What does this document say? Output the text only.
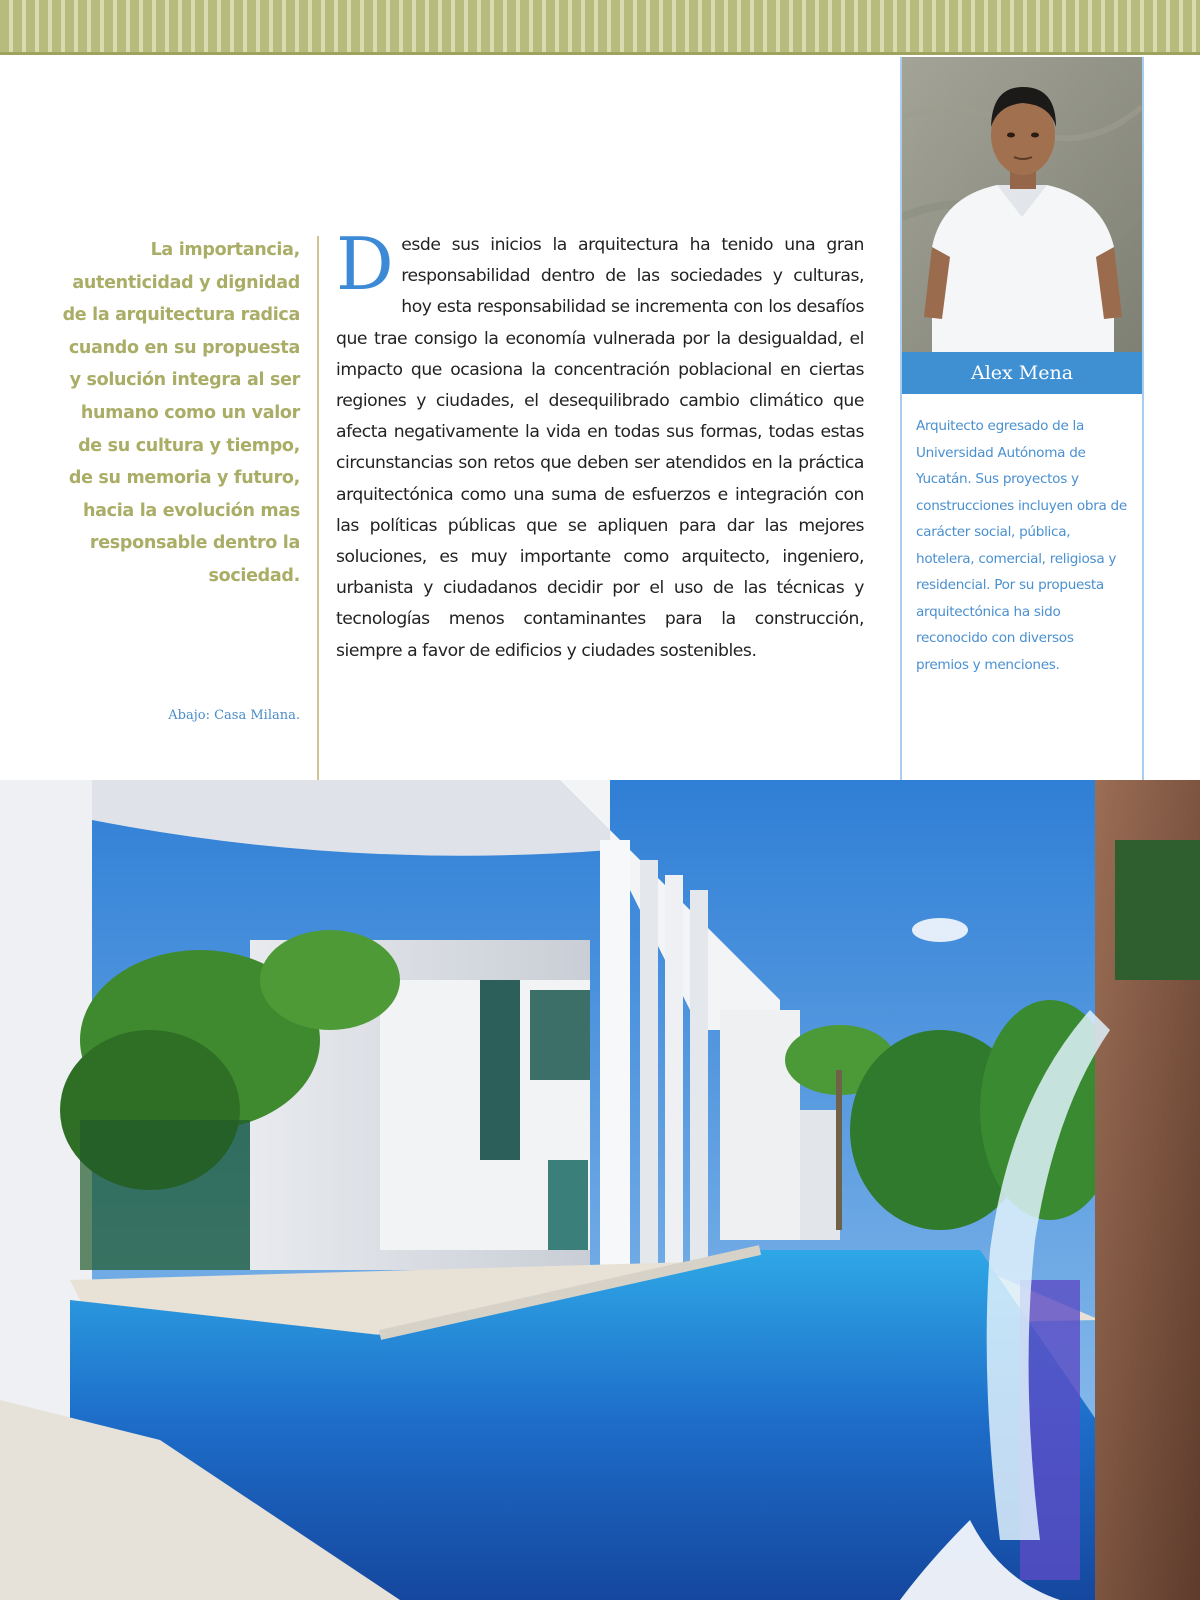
La importancia, autenticidad y dignidad de la arquitectura radica cuando en su propuesta y solución integra al ser humano como un valor de su cultura y tiempo, de su memoria y futuro, hacia la evolución mas responsable dentro la sociedad.
Abajo: Casa Milana.
D esde sus inicios la arquitectura ha tenido una gran responsabilidad dentro de las sociedades y culturas, hoy esta responsabilidad se incrementa con los desafíos que trae consigo la economía vulnerada por la desigualdad, el impacto que ocasiona la concentración poblacional en ciertas regiones y ciudades, el desequilibrado cambio climático que afecta negativamente la vida en todas sus formas, todas estas circunstancias son retos que deben ser atendidos en la práctica arquitectónica como una suma de esfuerzos e integración con las políticas públicas que se apliquen para dar las mejores soluciones, es muy importante como arquitecto, ingeniero, urbanista y ciudadanos decidir por el uso de las técnicas y tecnologías menos contaminantes para la construcción, siempre a favor de edificios y ciudades sostenibles.
Alex Mena
Arquitecto egresado de la Universidad Autónoma de Yucatán. Sus proyectos y construcciones incluyen obra de carácter social, pública, hotelera, comercial, religiosa y residencial. Por su propuesta arquitectónica ha sido reconocido con diversos premios y menciones.
